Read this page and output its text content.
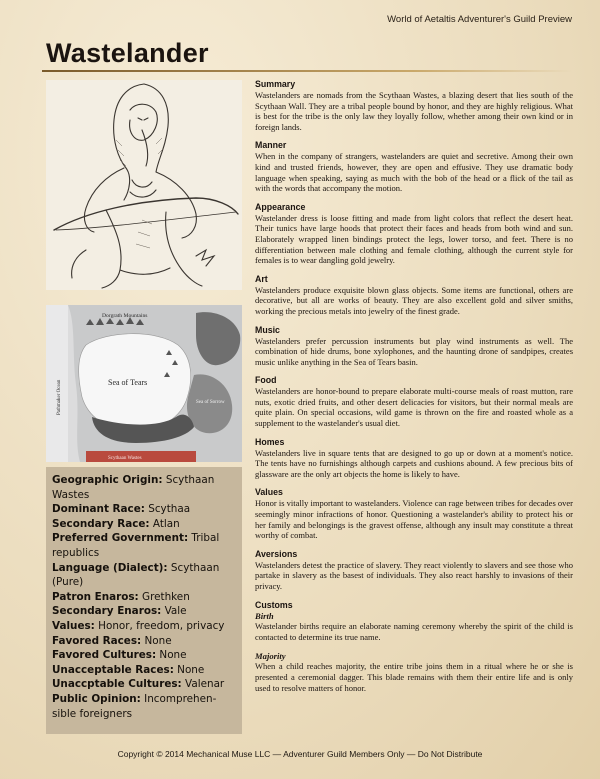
World of Aetaltis Adventurer's Guild Preview
Wastelander
Dorgrath Mountains
Pathmaker Ocean	Sea of Tears
Sea of Sorrow
Scythaan Wastes

Geographic Origin: Scythaan Wastes

Dominant Race: Scythaa

Secondary Race: Atlan

Preferred Government: Tribal republics

Language (Dialect): Scythaan (Pure)

Patron Enaros: Grethken

Secondary Enaros: Vale

Values: Honor, freedom, privacy

Favored Races: None

Favored Cultures: None

Unacceptable Races: None

Unaccptable Cultures: Valenar

Public Opinion: Incomprehen-sible foreigners

Summary

Wastelanders are nomads from the Scythaan Wastes, a blazing desert that lies south of the Scythaan Wall. They are a tribal people bound by honor, and they are highly religious. What is best for the tribe is the only law they loyally follow, whether among their own kind or in foreign lands.

Manner

When in the company of strangers, wastelanders are quiet and secretive. Among their own kind and trusted friends, however, they are open and effusive. They use dramatic body language when speaking, saying as much with the bob of the head or a flick of the tail as with the words that accompany the motion.

Appearance

Wastelander dress is loose fitting and made from light colors that reflect the desert heat. Their tunics have large hoods that protect their faces and heads from both wind and sun. Elaborately wrapped linen bindings protect the legs, lower torso, and feet. There is no differentiation between male clothing and female clothing, although the current style for females is to wear dangling gold jewelry.

Art

Wastelanders produce exquisite blown glass objects. Some items are functional, others are decorative, but all are works of beauty. They are also excellent gold and silver smiths, working the precious metals into jewelry of the finest grade.

Music

Wastelanders prefer percussion instruments but play wind instruments as well. The combination of hide drums, bone xylophones, and the haunting drone of sandpipes, creates music unlike anything in the Sea of Tears basin.

Food

Wastelanders are honor-bound to prepare elaborate multi-course meals of roast mutton, rare nuts, exotic dried fruits, and other desert delicacies for visitors, but their normal meals are quite plain. On special occasions, wild game is thrown on the fire and roasted whole as a supplement to the wastelander's usual diet.

Homes

Wastelanders live in square tents that are designed to go up or down at a moment's notice. The tents have no furnishings although carpets and cushions abound. A few precious bits of glassware are the only art objects the home is likely to have.

Values

Honor is vitally important to wastelanders. Violence can rage between tribes for decades over seemingly minor infractions of honor. Questioning a wastelander's ability to protect his or her family and belongings is the gravest offense, although any insult may constitute a threat worthy of combat.

Aversions

Wastelanders detest the practice of slavery. They react violently to slavers and see those who partake in slavery as the basest of individuals. They also react harshly to invasions of their privacy.

Customs

Birth

Wastelander births require an elaborate naming ceremony whereby the spirit of the child is contacted to determine its true name.

Majority

When a child reaches majority, the entire tribe joins them in a ritual where he or she is presented a ceremonial dagger. This blade remains with them their entire life and is only used to resolve matters of honor.

Copyright © 2014 Mechanical Muse LLC — Adventurer Guild Members Only — Do Not Distribute
